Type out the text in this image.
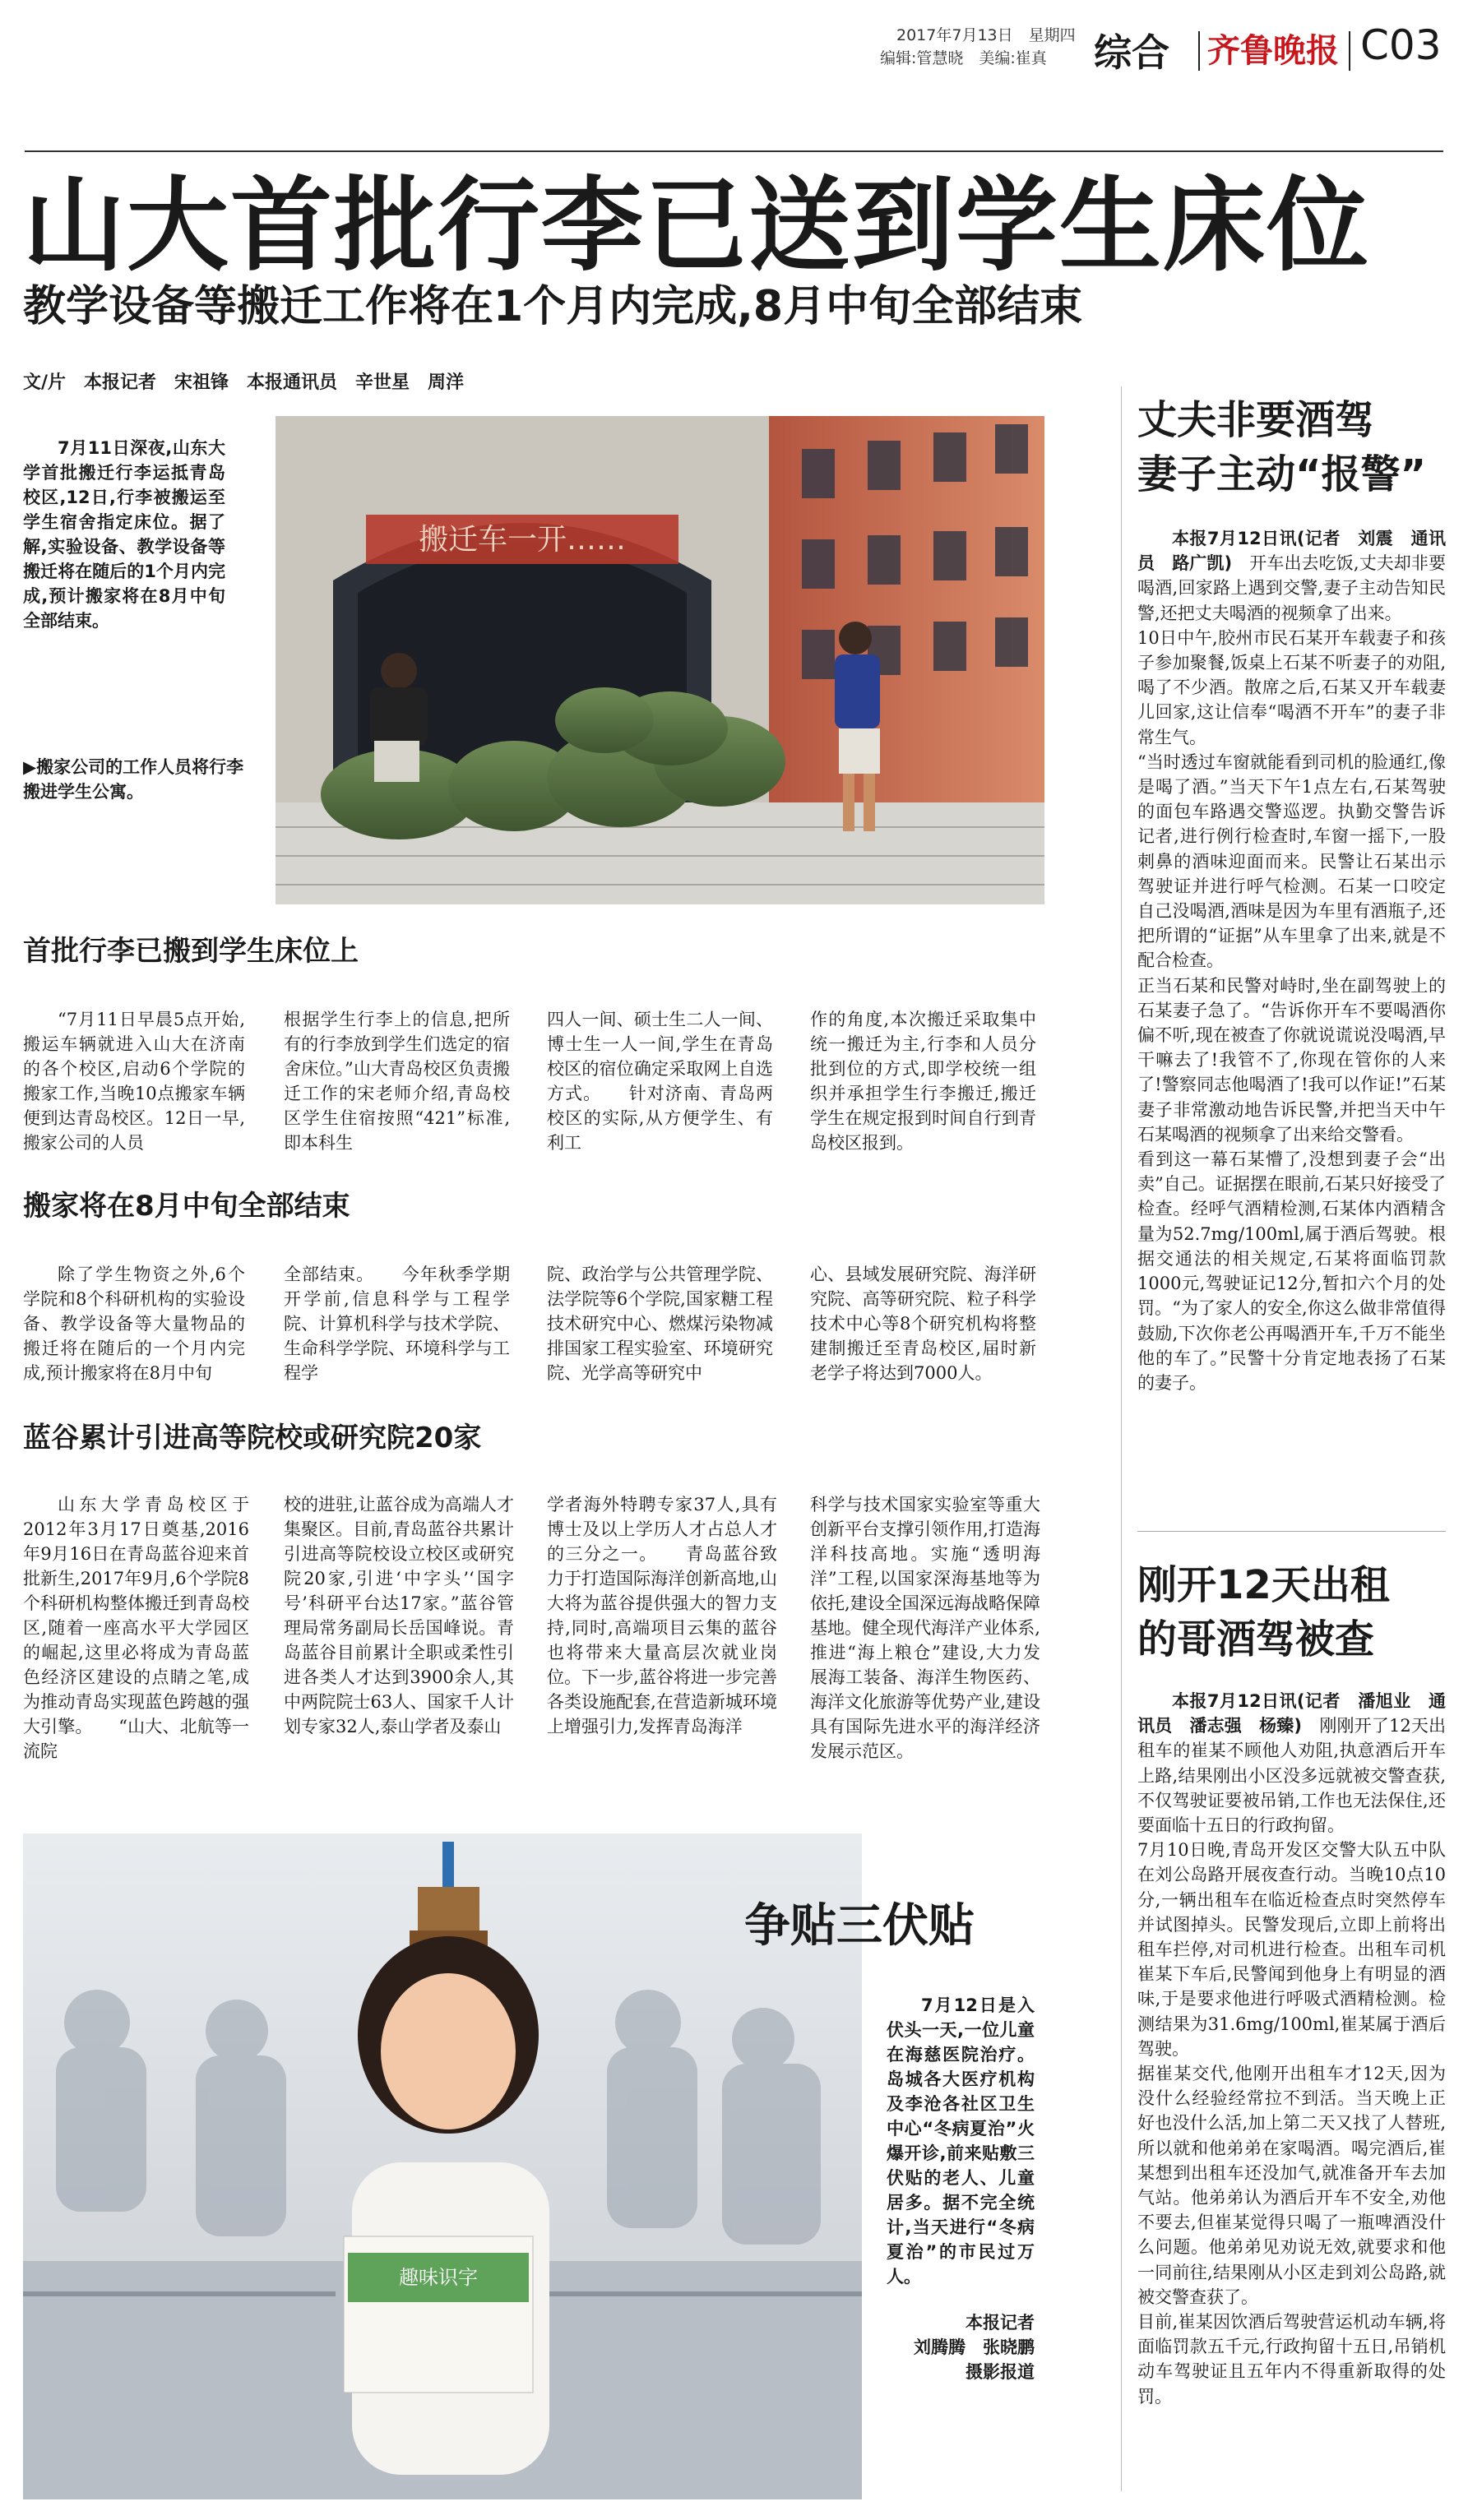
2017年7月13日　星期四
编辑:管慧晓　美编:崔真 综合 齐鲁晚报 C03
山大首批行李已送到学生床位
教学设备等搬迁工作将在1个月内完成,8月中旬全部结束
文/片　本报记者　宋祖锋　本报通讯员　辛世星　周洋
7月11日深夜,山东大学首批搬迁行李运抵青岛校区,12日,行李被搬运至学生宿舍指定床位。据了解,实验设备、教学设备等搬迁将在随后的1个月内完成,预计搬家将在8月中旬全部结束。
▶搬家公司的工作人员将行李搬进学生公寓。
搬迁车一开……
首批行李已搬到学生床位上
“7月11日早晨5点开始,搬运车辆就进入山大在济南的各个校区,启动6个学院的搬家工作,当晚10点搬家车辆便到达青岛校区。12日一早,搬家公司的人员
根据学生行李上的信息,把所有的行李放到学生们选定的宿舍床位。”山大青岛校区负责搬迁工作的宋老师介绍,青岛校区学生住宿按照“421”标准,即本科生
四人一间、硕士生二人一间、博士生一人一间,学生在青岛校区的宿位确定采取网上自选方式。　　针对济南、青岛两校区的实际,从方便学生、有利工
作的角度,本次搬迁采取集中统一搬迁为主,行李和人员分批到位的方式,即学校统一组织并承担学生行李搬迁,搬迁学生在规定报到时间自行到青岛校区报到。
搬家将在8月中旬全部结束
除了学生物资之外,6个学院和8个科研机构的实验设备、教学设备等大量物品的搬迁将在随后的一个月内完成,预计搬家将在8月中旬
全部结束。　　今年秋季学期开学前,信息科学与工程学院、计算机科学与技术学院、生命科学学院、环境科学与工程学
院、政治学与公共管理学院、法学院等6个学院,国家糖工程技术研究中心、燃煤污染物减排国家工程实验室、环境研究院、光学高等研究中
心、县域发展研究院、海洋研究院、高等研究院、粒子科学技术中心等8个研究机构将整建制搬迁至青岛校区,届时新老学子将达到7000人。
蓝谷累计引进高等院校或研究院20家
山东大学青岛校区于2012年3月17日奠基,2016年9月16日在青岛蓝谷迎来首批新生,2017年9月,6个学院8个科研机构整体搬迁到青岛校区,随着一座高水平大学园区的崛起,这里必将成为青岛蓝色经济区建设的点睛之笔,成为推动青岛实现蓝色跨越的强大引擎。　　“山大、北航等一流院
校的进驻,让蓝谷成为高端人才集聚区。目前,青岛蓝谷共累计引进高等院校设立校区或研究院20家,引进‘中字头’‘国字号’科研平台达17家。”蓝谷管理局常务副局长岳国峰说。青岛蓝谷目前累计全职或柔性引进各类人才达到3900余人,其中两院院士63人、国家千人计划专家32人,泰山学者及泰山
学者海外特聘专家37人,具有博士及以上学历人才占总人才的三分之一。　　青岛蓝谷致力于打造国际海洋创新高地,山大将为蓝谷提供强大的智力支持,同时,高端项目云集的蓝谷也将带来大量高层次就业岗位。下一步,蓝谷将进一步完善各类设施配套,在营造新城环境上增强引力,发挥青岛海洋
科学与技术国家实验室等重大创新平台支撑引领作用,打造海洋科技高地。实施“透明海洋”工程,以国家深海基地等为依托,建设全国深远海战略保障基地。健全现代海洋产业体系,推进“海上粮仓”建设,大力发展海工装备、海洋生物医药、海洋文化旅游等优势产业,建设具有国际先进水平的海洋经济发展示范区。
趣味识字
争贴三伏贴
7月12日是入伏头一天,一位儿童在海慈医院治疗。岛城各大医疗机构及李沧各社区卫生中心“冬病夏治”火爆开诊,前来贴敷三伏贴的老人、儿童居多。据不完全统计,当天进行“冬病夏治”的市民过万人。
本报记者
刘腾腾　张晓鹏
摄影报道
丈夫非要酒驾
妻子主动“报警”
本报7月12日讯(记者　刘震　通讯员　路广凯)　开车出去吃饭,丈夫却非要喝酒,回家路上遇到交警,妻子主动告知民警,还把丈夫喝酒的视频拿了出来。
10日中午,胶州市民石某开车载妻子和孩子参加聚餐,饭桌上石某不听妻子的劝阻,喝了不少酒。散席之后,石某又开车载妻儿回家,这让信奉“喝酒不开车”的妻子非常生气。
“当时透过车窗就能看到司机的脸通红,像是喝了酒。”当天下午1点左右,石某驾驶的面包车路遇交警巡逻。执勤交警告诉记者,进行例行检查时,车窗一摇下,一股刺鼻的酒味迎面而来。民警让石某出示驾驶证并进行呼气检测。石某一口咬定自己没喝酒,酒味是因为车里有酒瓶子,还把所谓的“证据”从车里拿了出来,就是不配合检查。
正当石某和民警对峙时,坐在副驾驶上的石某妻子急了。“告诉你开车不要喝酒你偏不听,现在被查了你就说谎说没喝酒,早干嘛去了!我管不了,你现在管你的人来了!警察同志他喝酒了!我可以作证!”石某妻子非常激动地告诉民警,并把当天中午石某喝酒的视频拿了出来给交警看。
看到这一幕石某懵了,没想到妻子会“出卖”自己。证据摆在眼前,石某只好接受了检查。经呼气酒精检测,石某体内酒精含量为52.7mg/100ml,属于酒后驾驶。根据交通法的相关规定,石某将面临罚款1000元,驾驶证记12分,暂扣六个月的处罚。“为了家人的安全,你这么做非常值得鼓励,下次你老公再喝酒开车,千万不能坐他的车了。”民警十分肯定地表扬了石某的妻子。
刚开12天出租
的哥酒驾被查
本报7月12日讯(记者　潘旭业　通讯员　潘志强　杨臻)　刚刚开了12天出租车的崔某不顾他人劝阻,执意酒后开车上路,结果刚出小区没多远就被交警查获,不仅驾驶证要被吊销,工作也无法保住,还要面临十五日的行政拘留。
7月10日晚,青岛开发区交警大队五中队在刘公岛路开展夜查行动。当晚10点10分,一辆出租车在临近检查点时突然停车并试图掉头。民警发现后,立即上前将出租车拦停,对司机进行检查。出租车司机崔某下车后,民警闻到他身上有明显的酒味,于是要求他进行呼吸式酒精检测。检测结果为31.6mg/100ml,崔某属于酒后驾驶。
据崔某交代,他刚开出租车才12天,因为没什么经验经常拉不到活。当天晚上正好也没什么活,加上第二天又找了人替班,所以就和他弟弟在家喝酒。喝完酒后,崔某想到出租车还没加气,就准备开车去加气站。他弟弟认为酒后开车不安全,劝他不要去,但崔某觉得只喝了一瓶啤酒没什么问题。他弟弟见劝说无效,就要求和他一同前往,结果刚从小区走到刘公岛路,就被交警查获了。
目前,崔某因饮酒后驾驶营运机动车辆,将面临罚款五千元,行政拘留十五日,吊销机动车驾驶证且五年内不得重新取得的处罚。
